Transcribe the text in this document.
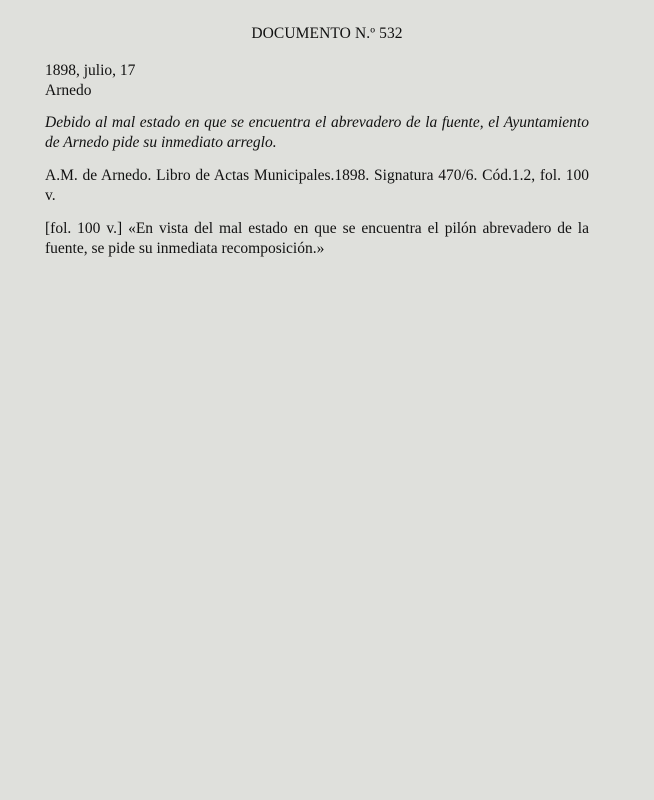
DOCUMENTO N.º 532
1898, julio, 17
Arnedo
Debido al mal estado en que se encuentra el abrevadero de la fuente, el Ayuntamiento de Arnedo pide su inmediato arreglo.
A.M. de Arnedo. Libro de Actas Municipales.1898. Signatura 470/6. Cód.1.2, fol. 100 v.
[fol. 100 v.] «En vista del mal estado en que se encuentra el pilón abrevadero de la fuente, se pide su inmediata recomposición.»
